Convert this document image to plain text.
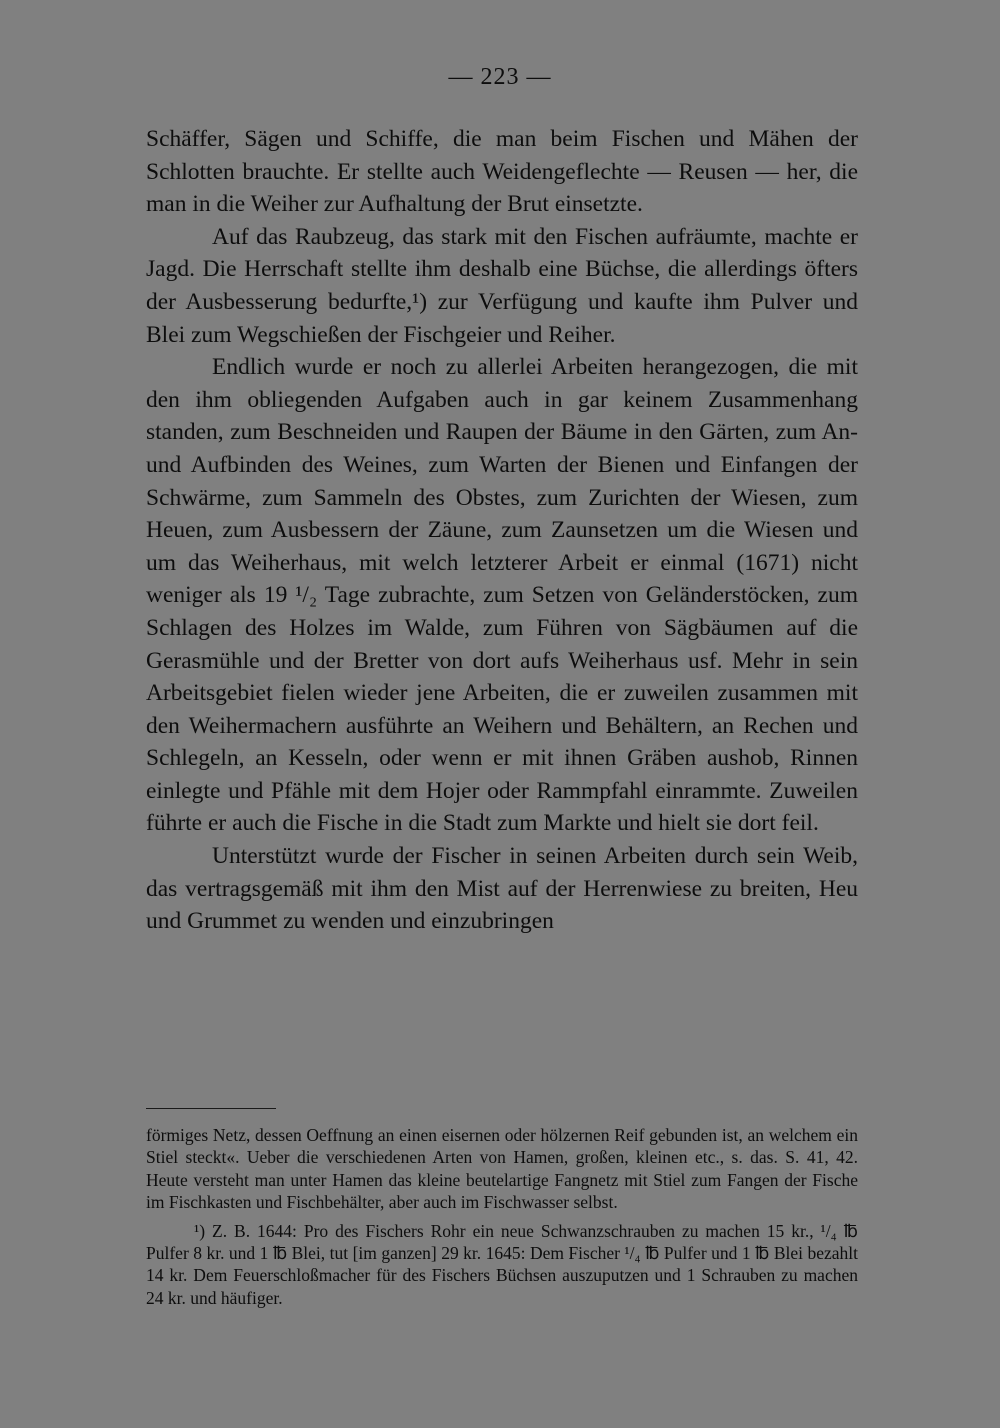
— 223 —

Schäffer, Sägen und Schiffe, die man beim Fischen und Mähen der Schlotten brauchte. Er stellte auch Weidengeflechte — Reusen — her, die man in die Weiher zur Aufhaltung der Brut einsetzte.

Auf das Raubzeug, das stark mit den Fischen aufräumte, machte er Jagd. Die Herrschaft stellte ihm deshalb eine Büchse, die allerdings öfters der Ausbesserung bedurfte,¹) zur Verfügung und kaufte ihm Pulver und Blei zum Wegschießen der Fischgeier und Reiher.

Endlich wurde er noch zu allerlei Arbeiten herangezogen, die mit den ihm obliegenden Aufgaben auch in gar keinem Zusammenhang standen, zum Beschneiden und Raupen der Bäume in den Gärten, zum An- und Aufbinden des Weines, zum Warten der Bienen und Einfangen der Schwärme, zum Sammeln des Obstes, zum Zurichten der Wiesen, zum Heuen, zum Ausbessern der Zäune, zum Zaunsetzen um die Wiesen und um das Weiherhaus, mit welch letzterer Arbeit er einmal (1671) nicht weniger als 19 ¹/₂ Tage zubrachte, zum Setzen von Geländerstöcken, zum Schlagen des Holzes im Walde, zum Führen von Sägbäumen auf die Gerasmühle und der Bretter von dort aufs Weiherhaus usf. Mehr in sein Arbeitsgebiet fielen wieder jene Arbeiten, die er zuweilen zusammen mit den Weihermachern ausführte an Weihern und Behältern, an Rechen und Schlegeln, an Kesseln, oder wenn er mit ihnen Gräben aushob, Rinnen einlegte und Pfähle mit dem Hojer oder Rammpfahl einrammte. Zuweilen führte er auch die Fische in die Stadt zum Markte und hielt sie dort feil.

Unterstützt wurde der Fischer in seinen Arbeiten durch sein Weib, das vertragsgemäß mit ihm den Mist auf der Herrenwiese zu breiten, Heu und Grummet zu wenden und einzubringen

förmiges Netz, dessen Oeffnung an einen eisernen oder hölzernen Reif gebunden ist, an welchem ein Stiel steckt«. Ueber die verschiedenen Arten von Hamen, großen, kleinen etc., s. das. S. 41, 42. Heute versteht man unter Hamen das kleine beutelartige Fangnetz mit Stiel zum Fangen der Fische im Fischkasten und Fischbehälter, aber auch im Fischwasser selbst.

¹) Z. B. 1644: Pro des Fischers Rohr ein neue Schwanzschrauben zu machen 15 kr., ¹/₄ ℔ Pulfer 8 kr. und 1 ℔ Blei, tut [im ganzen] 29 kr. 1645: Dem Fischer ¹/₄ ℔ Pulfer und 1 ℔ Blei bezahlt 14 kr. Dem Feuerschloßmacher für des Fischers Büchsen auszuputzen und 1 Schrauben zu machen 24 kr. und häufiger.
